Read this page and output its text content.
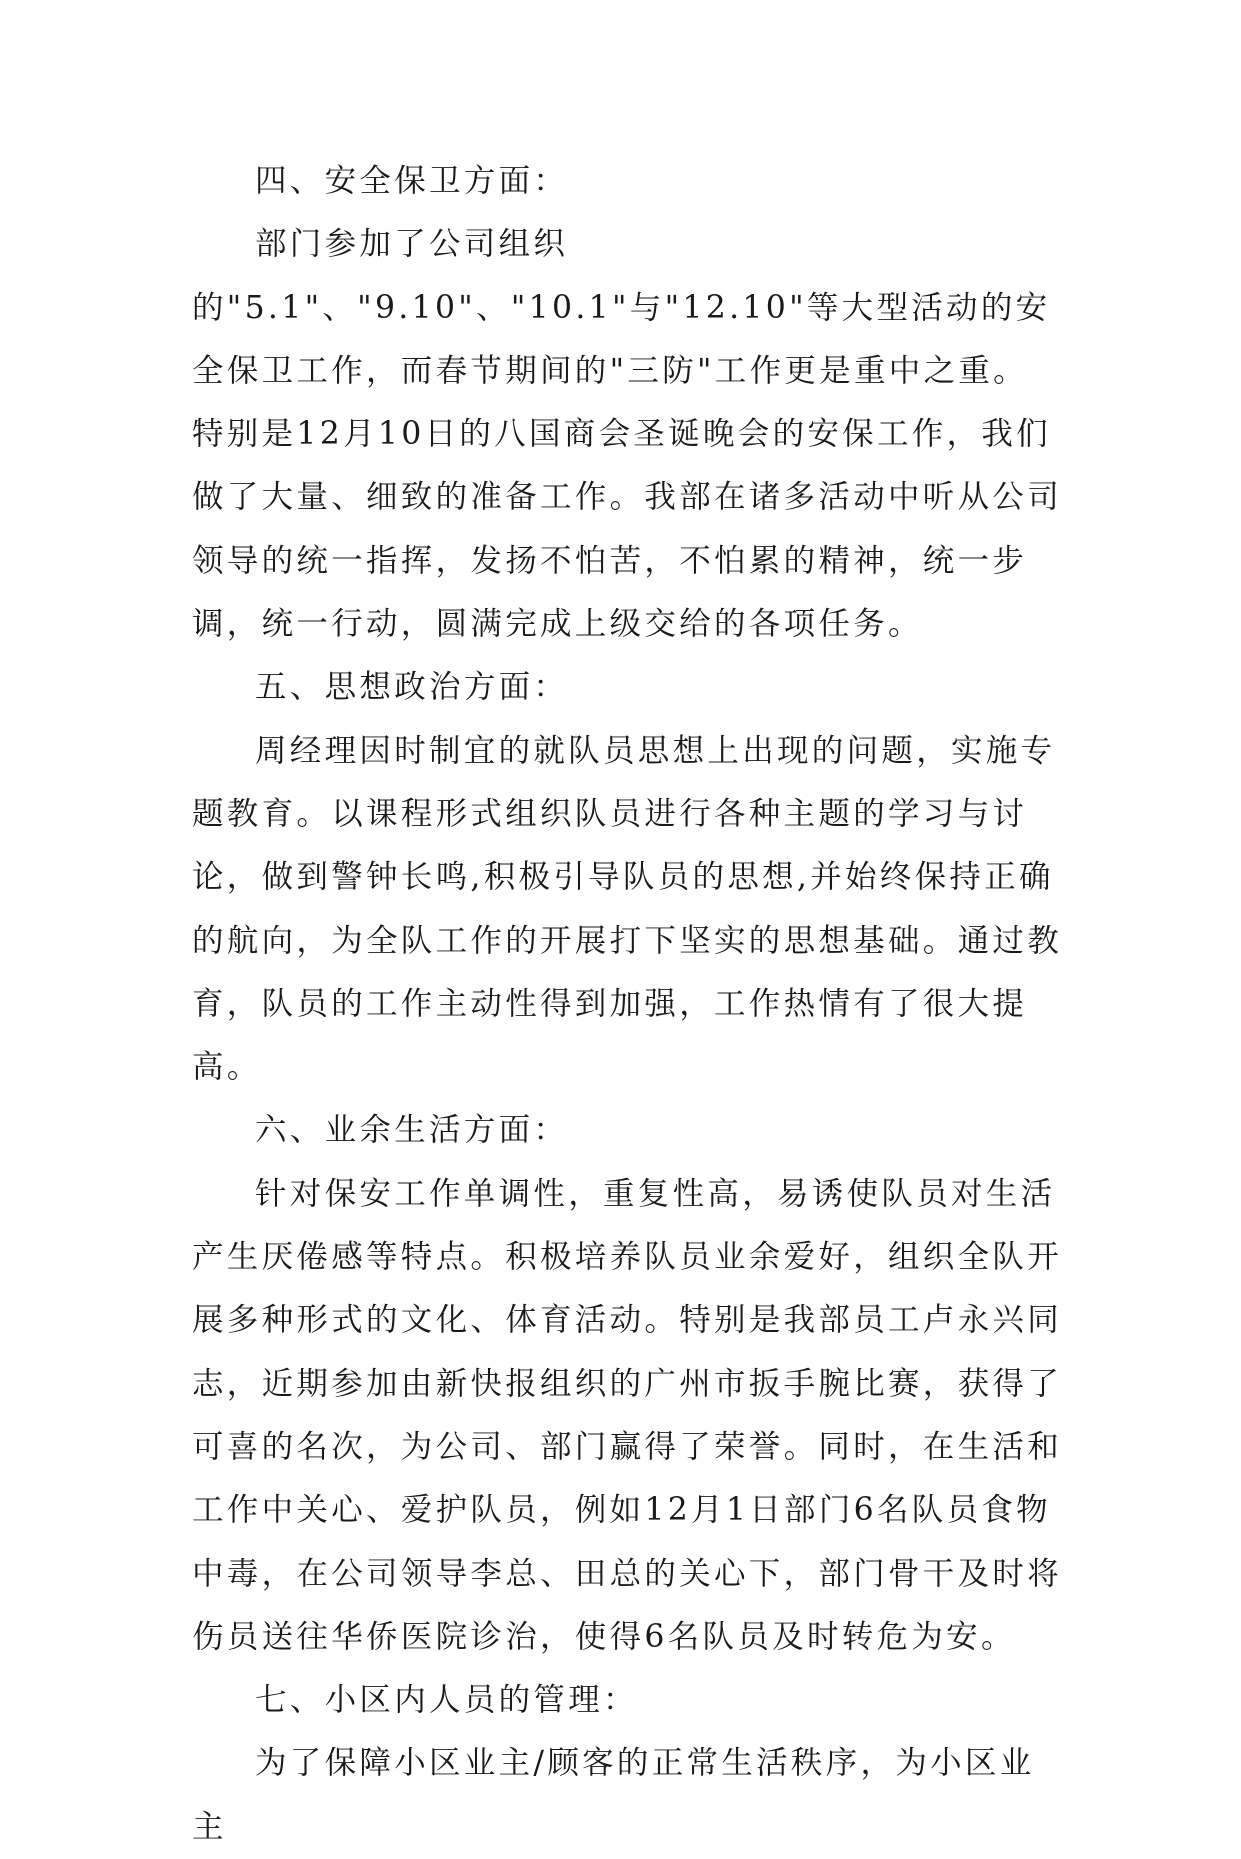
四、安全保卫方面：

部门参加了公司组织的"5.1"、"9.10"、"10.1"与"12.10"等大型活动的安全保卫工作，而春节期间的"三防"工作更是重中之重。特别是12月10日的八国商会圣诞晚会的安保工作，我们做了大量、细致的准备工作。我部在诸多活动中听从公司领导的统一指挥，发扬不怕苦，不怕累的精神，统一步调，统一行动，圆满完成上级交给的各项任务。

五、思想政治方面：

周经理因时制宜的就队员思想上出现的问题，实施专题教育。以课程形式组织队员进行各种主题的学习与讨论，做到警钟长鸣,积极引导队员的思想,并始终保持正确的航向，为全队工作的开展打下坚实的思想基础。通过教育，队员的工作主动性得到加强，工作热情有了很大提高。

六、业余生活方面：

针对保安工作单调性，重复性高，易诱使队员对生活产生厌倦感等特点。积极培养队员业余爱好，组织全队开展多种形式的文化、体育活动。特别是我部员工卢永兴同志，近期参加由新快报组织的广州市扳手腕比赛，获得了可喜的名次，为公司、部门赢得了荣誉。同时，在生活和工作中关心、爱护队员，例如12月1日部门6名队员食物中毒，在公司领导李总、田总的关心下，部门骨干及时将伤员送往华侨医院诊治，使得6名队员及时转危为安。

七、小区内人员的管理：

为了保障小区业主/顾客的正常生活秩序，为小区业主
